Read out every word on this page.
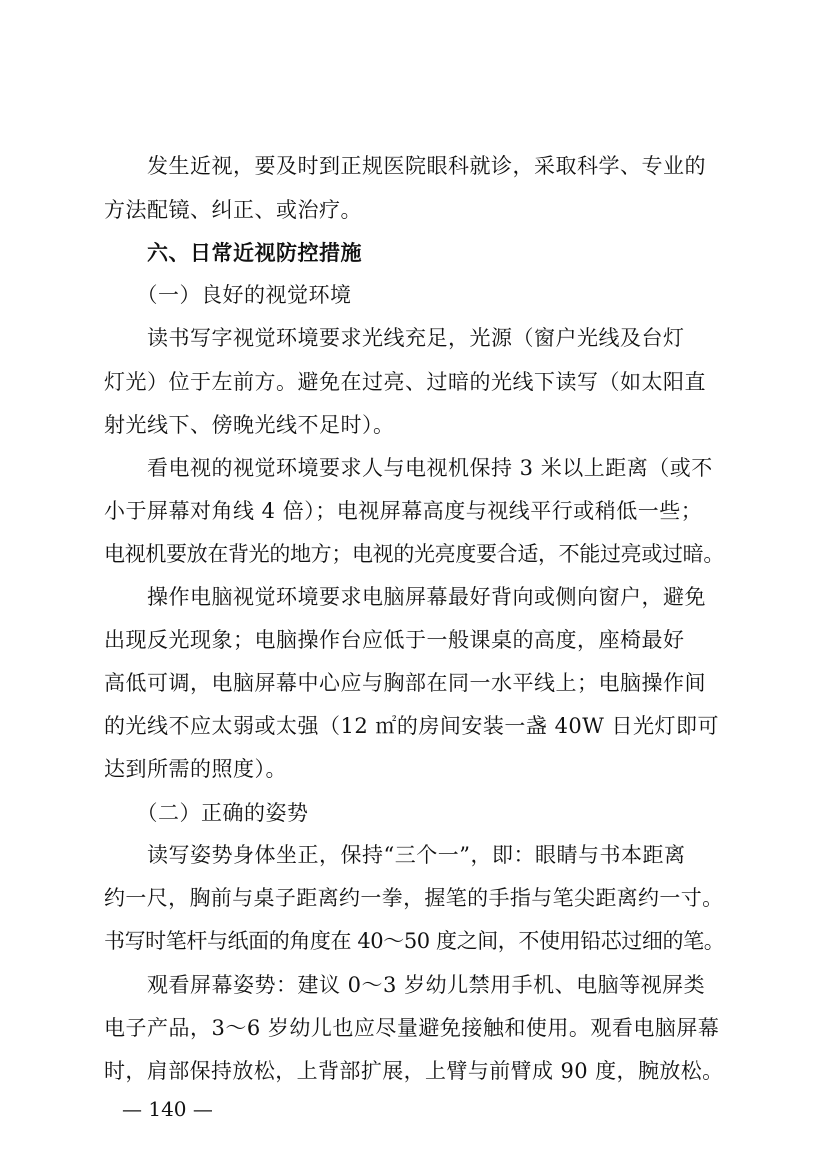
　　发生近视，要及时到正规医院眼科就诊，采取科学、专业的
方法配镜、纠正、或治疗。
　　六、日常近视防控措施
　　（一）良好的视觉环境
　　读书写字视觉环境要求光线充足，光源（窗户光线及台灯
灯光）位于左前方。避免在过亮、过暗的光线下读写（如太阳直
射光线下、傍晚光线不足时）。
　　看电视的视觉环境要求人与电视机保持 3 米以上距离（或不
小于屏幕对角线 4 倍）；电视屏幕高度与视线平行或稍低一些；
电视机要放在背光的地方；电视的光亮度要合适，不能过亮或过暗。
　　操作电脑视觉环境要求电脑屏幕最好背向或侧向窗户，避免
出现反光现象；电脑操作台应低于一般课桌的高度，座椅最好
高低可调，电脑屏幕中心应与胸部在同一水平线上；电脑操作间
的光线不应太弱或太强（12 ㎡的房间安装一盏 40W 日光灯即可
达到所需的照度）。
　　（二）正确的姿势
　　读写姿势身体坐正，保持“三个一”，即：眼睛与书本距离
约一尺，胸前与桌子距离约一拳，握笔的手指与笔尖距离约一寸。
书写时笔杆与纸面的角度在 40～50 度之间，不使用铅芯过细的笔。
　　观看屏幕姿势：建议 0～3 岁幼儿禁用手机、电脑等视屏类
电子产品，3～6 岁幼儿也应尽量避免接触和使用。观看电脑屏幕
时，肩部保持放松，上背部扩展，上臂与前臂成 90 度，腕放松。
— 140 —
